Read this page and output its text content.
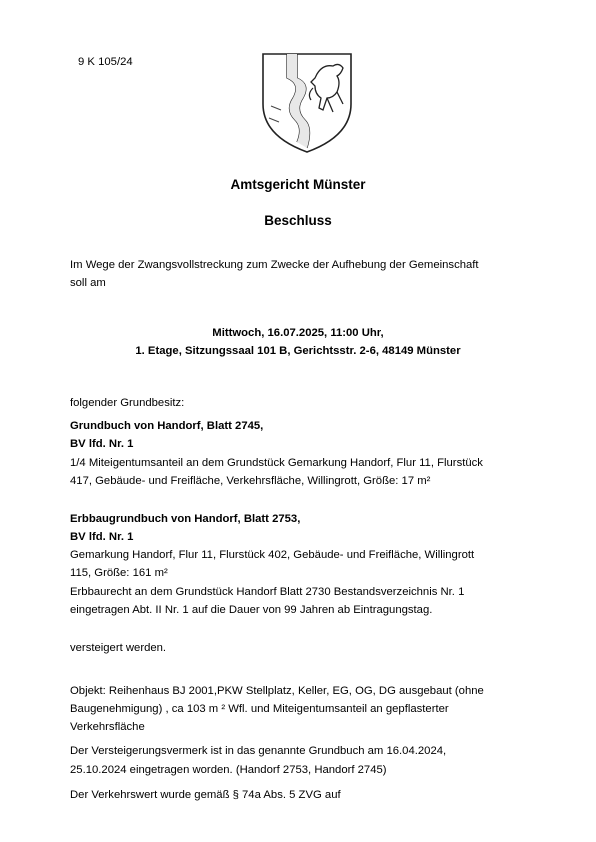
9 K 105/24
Amtsgericht Münster
Beschluss
Im Wege der Zwangsvollstreckung zum Zwecke der Aufhebung der Gemeinschaft
soll am
Mittwoch, 16.07.2025, 11:00 Uhr,
1. Etage, Sitzungssaal 101 B, Gerichtsstr. 2-6, 48149 Münster
folgender Grundbesitz:
Grundbuch von Handorf, Blatt 2745,
BV lfd. Nr. 1
1/4 Miteigentumsanteil an dem Grundstück Gemarkung Handorf, Flur 11, Flurstück
417, Gebäude- und Freifläche, Verkehrsfläche, Willingrott, Größe: 17 m²
Erbbaugrundbuch von Handorf, Blatt 2753,
BV lfd. Nr. 1
Gemarkung Handorf, Flur 11, Flurstück 402, Gebäude- und Freifläche, Willingrott
115, Größe: 161 m²
Erbbaurecht an dem Grundstück Handorf Blatt 2730 Bestandsverzeichnis Nr. 1
eingetragen Abt. II Nr. 1 auf die Dauer von 99 Jahren ab Eintragungstag.
versteigert werden.
Objekt: Reihenhaus BJ 2001,PKW Stellplatz, Keller, EG, OG, DG ausgebaut (ohne
Baugenehmigung) , ca 103 m ² Wfl. und Miteigentumsanteil an gepflasterter
Verkehrsfläche
Der Versteigerungsvermerk ist in das genannte Grundbuch am 16.04.2024,
25.10.2024 eingetragen worden. (Handorf 2753, Handorf 2745)
Der Verkehrswert wurde gemäß § 74a Abs. 5 ZVG auf
